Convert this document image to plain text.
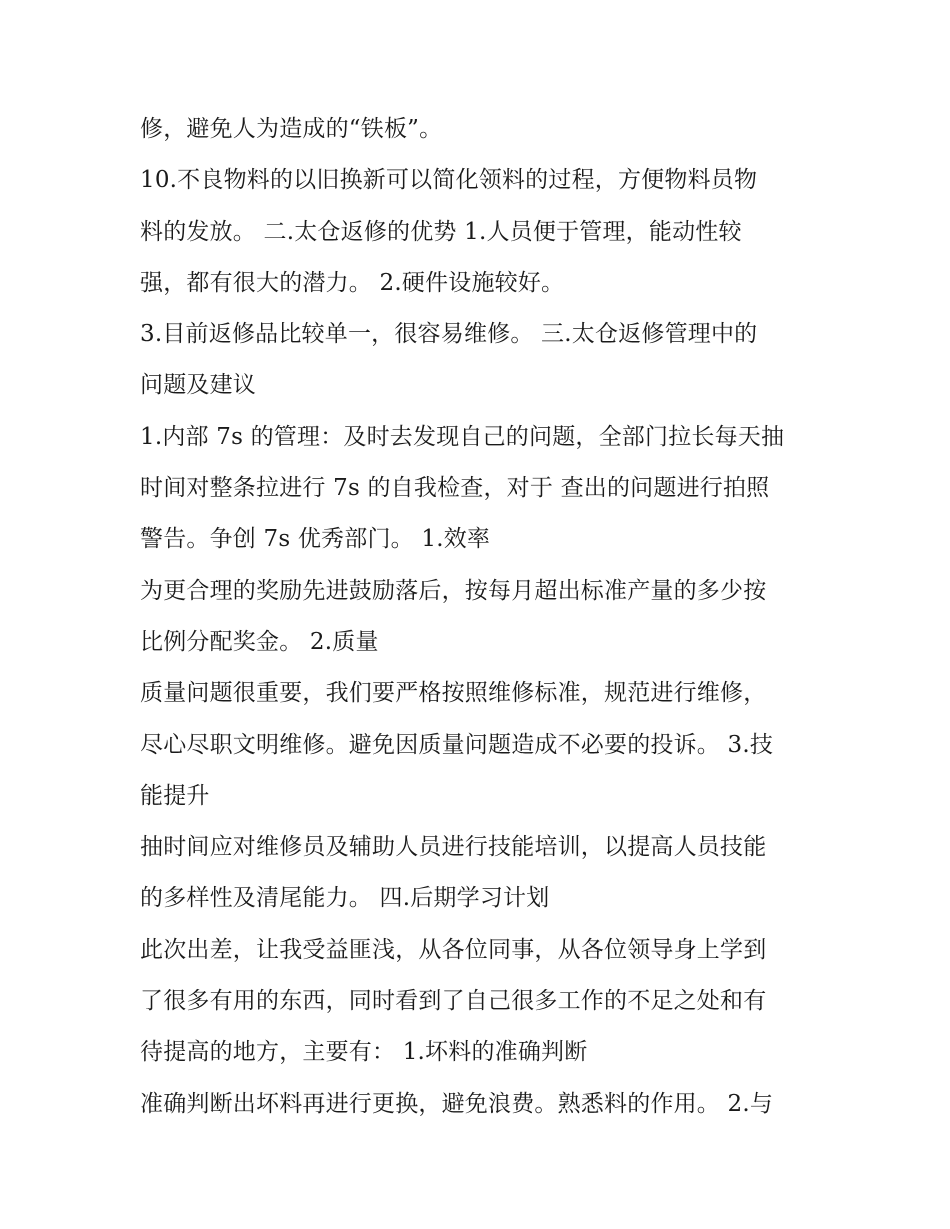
修，避免人为造成的“铁板”。
10.不良物料的以旧换新可以简化领料的过程，方便物料员物
料的发放。 二.太仓返修的优势 1.人员便于管理，能动性较
强，都有很大的潜力。 2.硬件设施较好。
3.目前返修品比较单一，很容易维修。 三.太仓返修管理中的
问题及建议
1.内部 7s 的管理：及时去发现自己的问题，全部门拉长每天抽
时间对整条拉进行 7s 的自我检查，对于 查出的问题进行拍照
警告。争创 7s 优秀部门。 1.效率
为更合理的奖励先进鼓励落后，按每月超出标准产量的多少按
比例分配奖金。 2.质量
质量问题很重要，我们要严格按照维修标准，规范进行维修，
尽心尽职文明维修。避免因质量问题造成不必要的投诉。 3.技
能提升
抽时间应对维修员及辅助人员进行技能培训，以提高人员技能
的多样性及清尾能力。 四.后期学习计划
此次出差，让我受益匪浅，从各位同事，从各位领导身上学到
了很多有用的东西，同时看到了自己很多工作的不足之处和有
待提高的地方，主要有： 1.坏料的准确判断
准确判断出坏料再进行更换，避免浪费。熟悉料的作用。 2.与
